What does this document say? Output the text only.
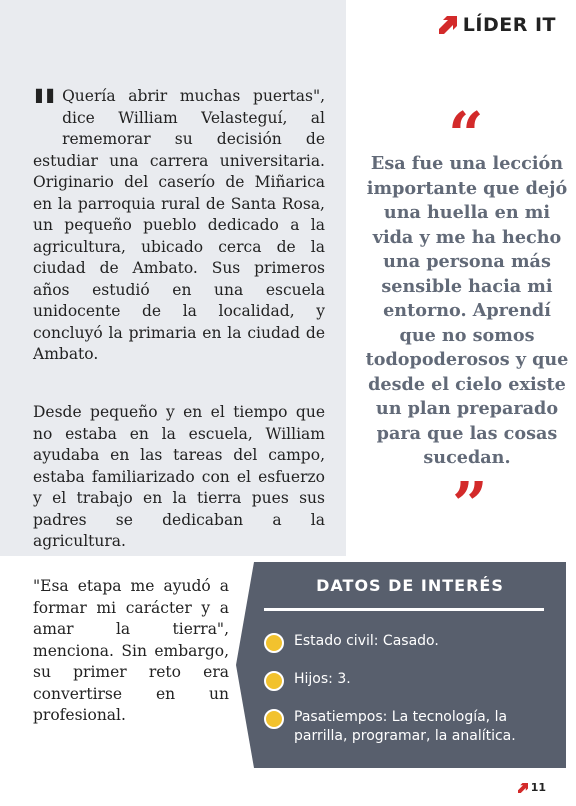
LÍDER IT
" Quería abrir muchas puertas", dice William Velasteguí, al rememorar su decisión de estudiar una carrera universitaria. Originario del caserío de Miñarica en la parroquia rural de Santa Rosa, un pequeño pueblo dedicado a la agricultura, ubicado cerca de la ciudad de Ambato. Sus primeros años estudió en una escuela unidocente de la localidad, y concluyó la primaria en la ciudad de Ambato.
Desde pequeño y en el tiempo que no estaba en la escuela, William ayudaba en las tareas del campo, estaba familiarizado con el esfuerzo y el trabajo en la tierra pues sus padres se dedicaban a la agricultura.
"Esa etapa me ayudó a formar mi carácter y a amar la tierra", menciona. Sin embargo, su primer reto era convertirse en un profesional.
“
Esa fue una lección importante que dejó una huella en mi vida y me ha hecho una persona más sensible hacia mi entorno. Aprendí que no somos todopoderosos y que desde el cielo existe un plan preparado para que las cosas sucedan.
”
DATOS DE INTERÉS
Estado civil: Casado.
Hijos: 3.
Pasatiempos: La tecnología, la parrilla, programar, la analítica.
11
